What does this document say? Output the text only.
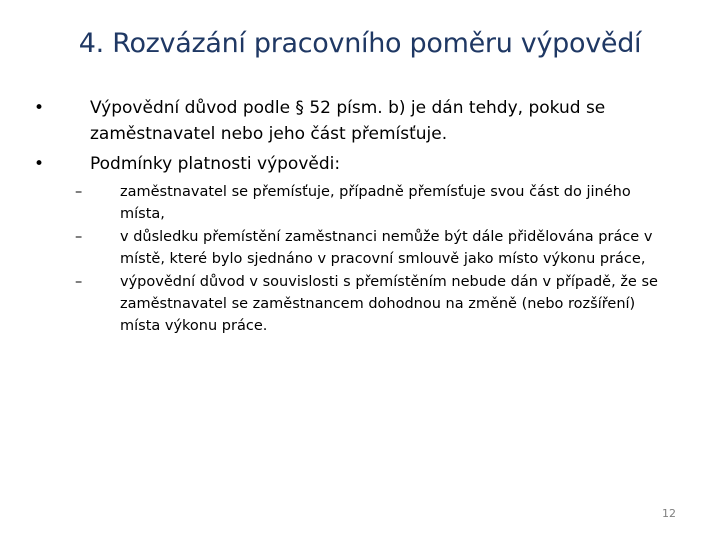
4. Rozvázání pracovního poměru výpovědí
•	Výpovědní důvod podle § 52 písm. b) je dán tehdy, pokud se zaměstnavatel nebo jeho část přemísťuje.
•	Podmínky platnosti výpovědi:
–	zaměstnavatel se přemísťuje, případně přemísťuje svou část do jiného místa,
–	v důsledku přemístění zaměstnanci nemůže být dále přidělována práce v místě, které bylo sjednáno v pracovní smlouvě jako místo výkonu práce,
–	výpovědní důvod v souvislosti s přemístěním nebude dán v případě, že se zaměstnavatel se zaměstnancem dohodnou na změně (nebo rozšíření) místa výkonu práce.
12
